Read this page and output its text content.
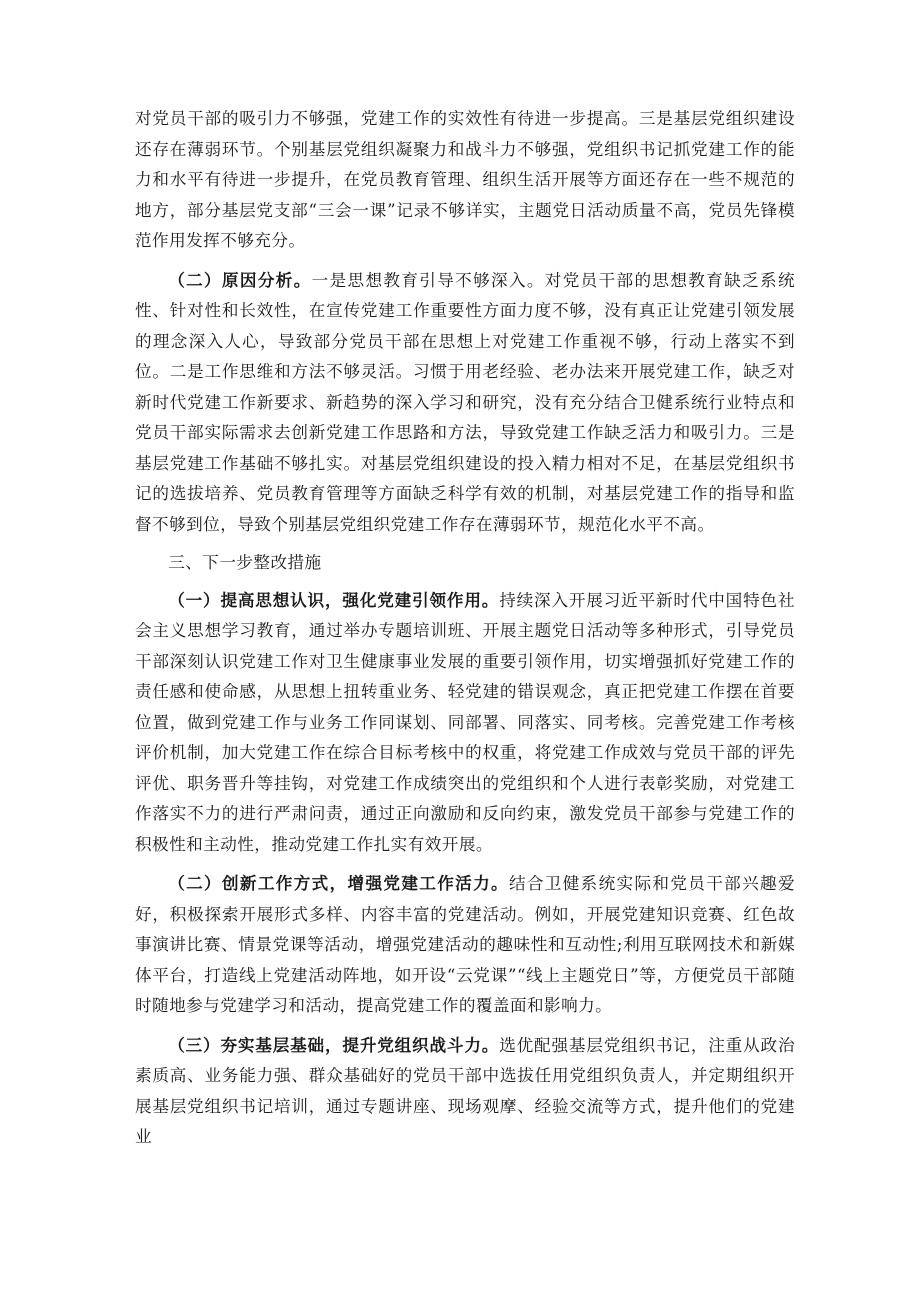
对党员干部的吸引力不够强，党建工作的实效性有待进一步提高。三是基层党组织建设还存在薄弱环节。个别基层党组织凝聚力和战斗力不够强，党组织书记抓党建工作的能力和水平有待进一步提升，在党员教育管理、组织生活开展等方面还存在一些不规范的地方，部分基层党支部“三会一课”记录不够详实，主题党日活动质量不高，党员先锋模范作用发挥不够充分。

（二）原因分析。一是思想教育引导不够深入。对党员干部的思想教育缺乏系统性、针对性和长效性，在宣传党建工作重要性方面力度不够，没有真正让党建引领发展的理念深入人心，导致部分党员干部在思想上对党建工作重视不够，行动上落实不到位。二是工作思维和方法不够灵活。习惯于用老经验、老办法来开展党建工作，缺乏对新时代党建工作新要求、新趋势的深入学习和研究，没有充分结合卫健系统行业特点和党员干部实际需求去创新党建工作思路和方法，导致党建工作缺乏活力和吸引力。三是基层党建工作基础不够扎实。对基层党组织建设的投入精力相对不足，在基层党组织书记的选拔培养、党员教育管理等方面缺乏科学有效的机制，对基层党建工作的指导和监督不够到位，导致个别基层党组织党建工作存在薄弱环节，规范化水平不高。

三、下一步整改措施

（一）提高思想认识，强化党建引领作用。持续深入开展习近平新时代中国特色社会主义思想学习教育，通过举办专题培训班、开展主题党日活动等多种形式，引导党员干部深刻认识党建工作对卫生健康事业发展的重要引领作用，切实增强抓好党建工作的责任感和使命感，从思想上扭转重业务、轻党建的错误观念，真正把党建工作摆在首要位置，做到党建工作与业务工作同谋划、同部署、同落实、同考核。完善党建工作考核评价机制，加大党建工作在综合目标考核中的权重，将党建工作成效与党员干部的评先评优、职务晋升等挂钩，对党建工作成绩突出的党组织和个人进行表彰奖励，对党建工作落实不力的进行严肃问责，通过正向激励和反向约束，激发党员干部参与党建工作的积极性和主动性，推动党建工作扎实有效开展。

（二）创新工作方式，增强党建工作活力。结合卫健系统实际和党员干部兴趣爱好，积极探索开展形式多样、内容丰富的党建活动。例如，开展党建知识竞赛、红色故事演讲比赛、情景党课等活动，增强党建活动的趣味性和互动性;利用互联网技术和新媒体平台，打造线上党建活动阵地，如开设“云党课”“线上主题党日”等，方便党员干部随时随地参与党建学习和活动，提高党建工作的覆盖面和影响力。

（三）夯实基层基础，提升党组织战斗力。选优配强基层党组织书记，注重从政治素质高、业务能力强、群众基础好的党员干部中选拔任用党组织负责人，并定期组织开展基层党组织书记培训，通过专题讲座、现场观摩、经验交流等方式，提升他们的党建业
